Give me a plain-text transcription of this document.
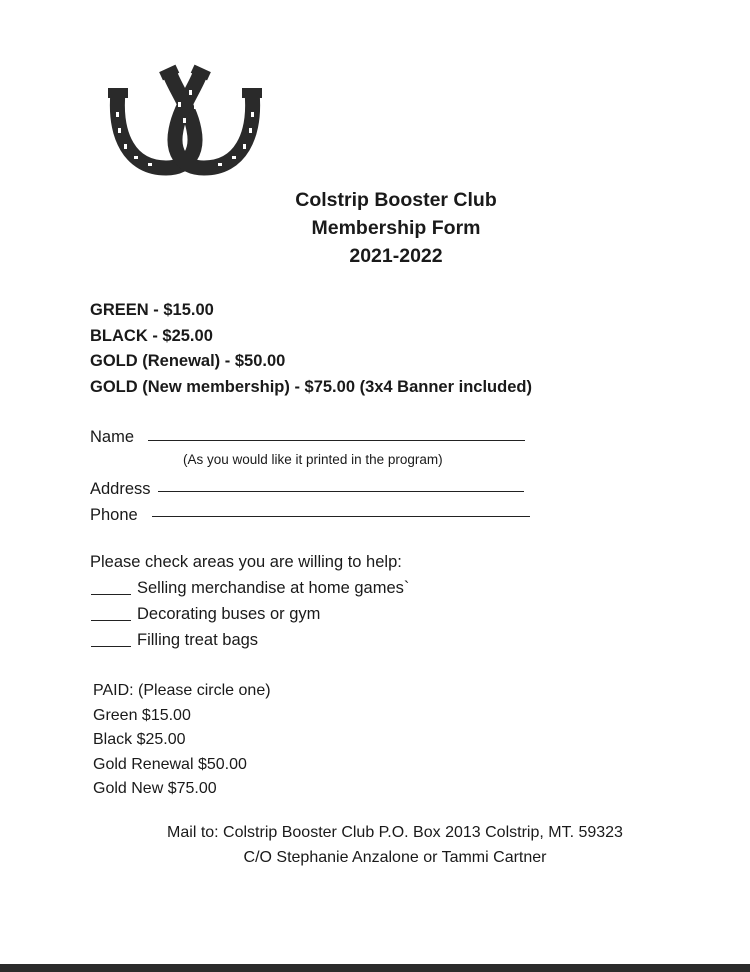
Colstrip Booster Club
Membership Form
2021-2022
GREEN - $15.00
BLACK - $25.00
GOLD (Renewal) - $50.00
GOLD (New membership) - $75.00 (3x4 Banner included)
Name
(As you would like it printed in the program)
Address
Phone
Please check areas you are willing to help:
Selling merchandise at home games`
Decorating buses or gym
Filling treat bags
PAID: (Please circle one)
Green $15.00
Black $25.00
Gold Renewal $50.00
Gold New $75.00
Mail to: Colstrip Booster Club P.O. Box 2013 Colstrip, MT. 59323
C/O Stephanie Anzalone or Tammi Cartner
